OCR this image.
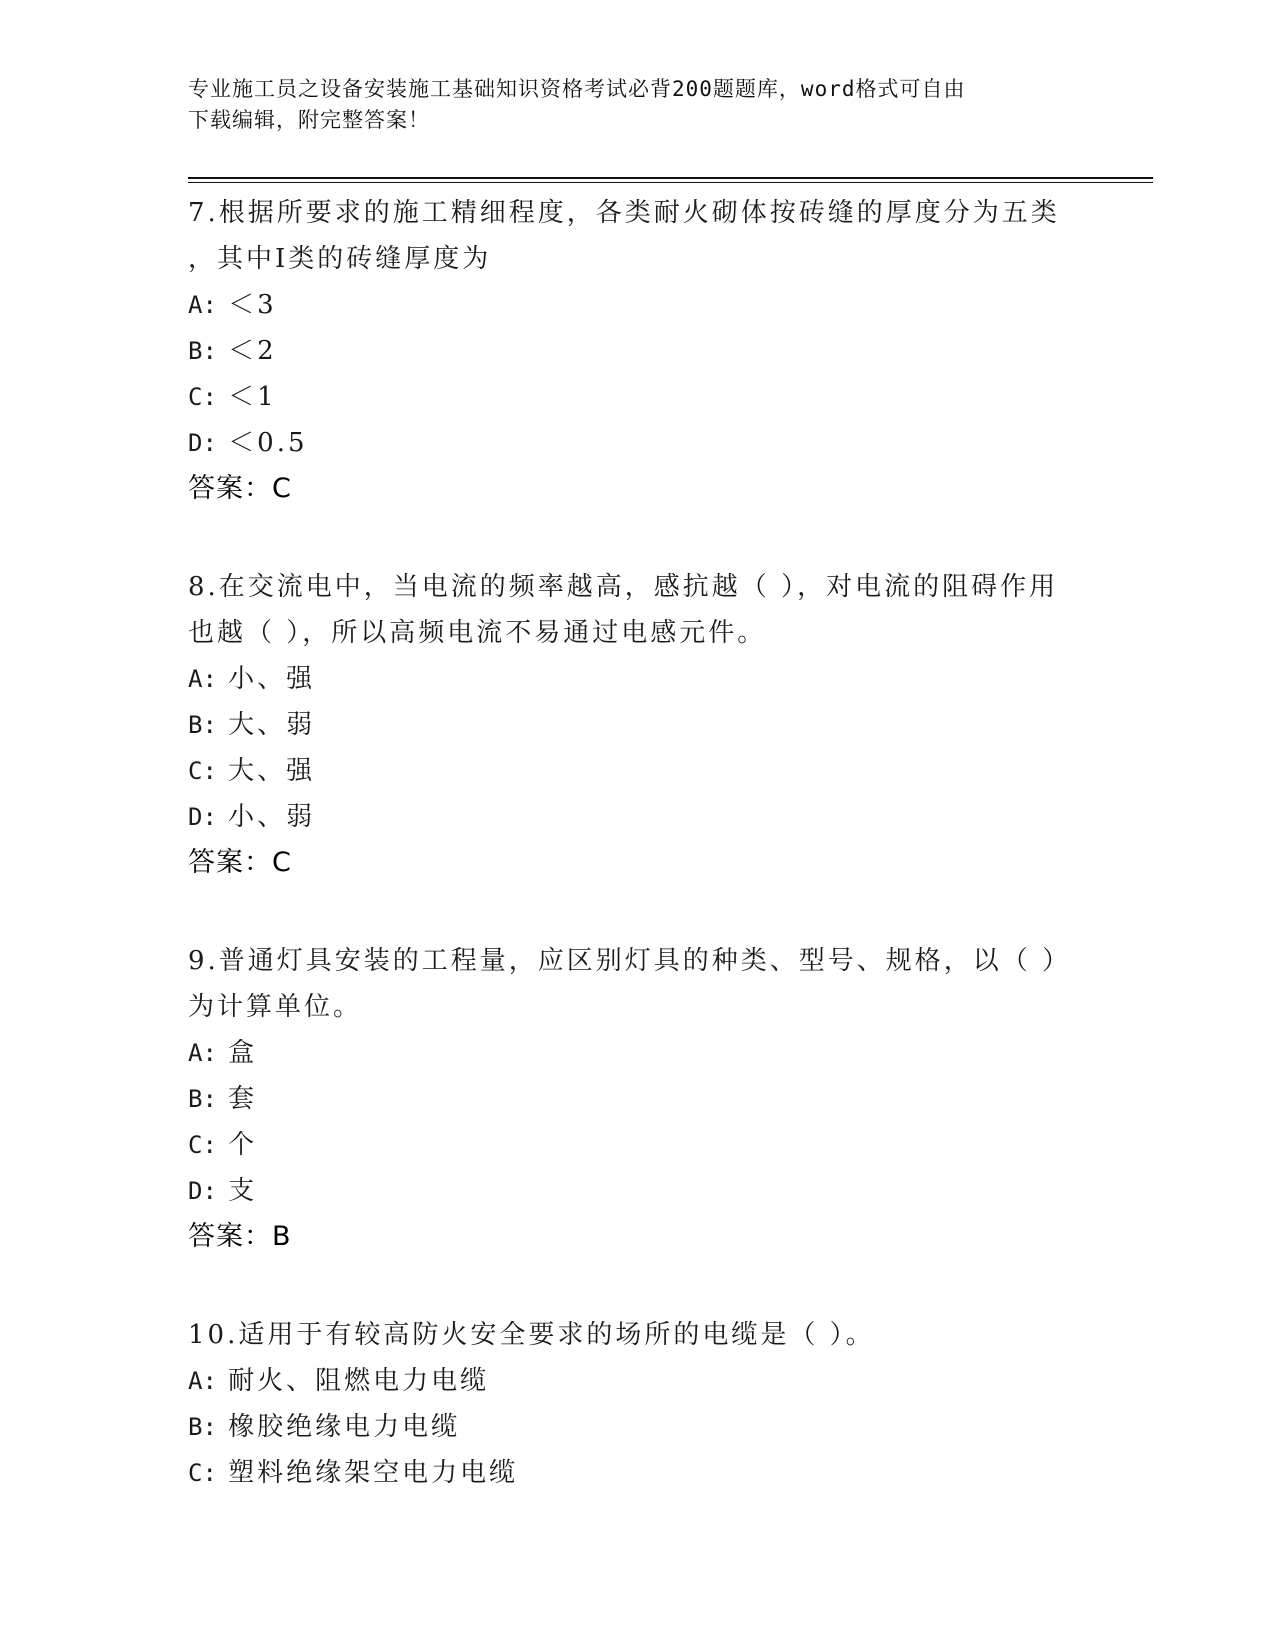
专业施工员之设备安装施工基础知识资格考试必背200题题库，word格式可自由
下载编辑，附完整答案！
7.根据所要求的施工精细程度，各类耐火砌体按砖缝的厚度分为五类
，其中Ⅰ类的砖缝厚度为
A: ＜3
B: ＜2
C: ＜1
D: ＜0.5
答案：C
8.在交流电中，当电流的频率越高，感抗越（ ），对电流的阻碍作用
也越（ ），所以高频电流不易通过电感元件。
A: 小、强
B: 大、弱
C: 大、强
D: 小、弱
答案：C
9.普通灯具安装的工程量，应区别灯具的种类、型号、规格，以（ ）
为计算单位。
A: 盒
B: 套
C: 个
D: 支
答案：B
10.适用于有较高防火安全要求的场所的电缆是（ ）。
A: 耐火、阻燃电力电缆
B: 橡胶绝缘电力电缆
C: 塑料绝缘架空电力电缆
